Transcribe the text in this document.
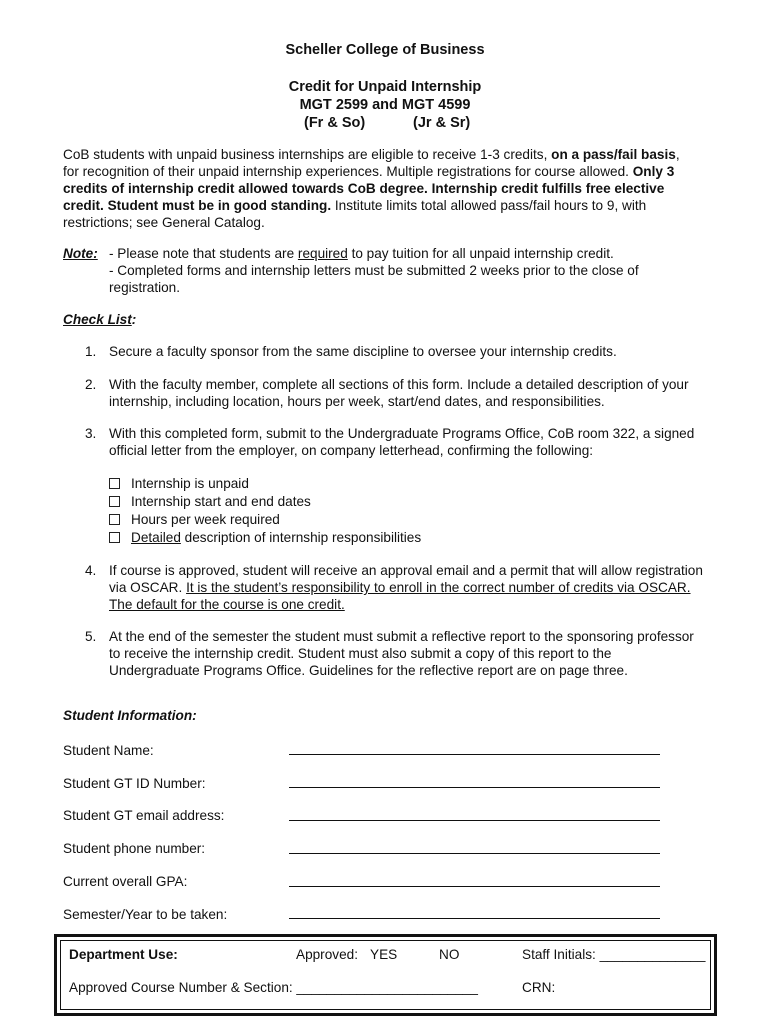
Scheller College of Business
Credit for Unpaid Internship
MGT 2599 and MGT 4599
(Fr & So)	(Jr & Sr)
CoB students with unpaid business internships are eligible to receive 1-3 credits, on a pass/fail basis,
for recognition of their unpaid internship experiences. Multiple registrations for course allowed. Only 3
credits of internship credit allowed towards CoB degree. Internship credit fulfills free elective
credit. Student must be in good standing. Institute limits total allowed pass/fail hours to 9, with
restrictions; see General Catalog.
Note: - Please note that students are required to pay tuition for all unpaid internship credit.
- Completed forms and internship letters must be submitted 2 weeks prior to the close of
registration.
Check List:
1. Secure a faculty sponsor from the same discipline to oversee your internship credits.
2. With the faculty member, complete all sections of this form. Include a detailed description of your
internship, including location, hours per week, start/end dates, and responsibilities.
3. With this completed form, submit to the Undergraduate Programs Office, CoB room 322, a signed
official letter from the employer, on company letterhead, confirming the following:
Internship is unpaid
Internship start and end dates
Hours per week required
Detailed description of internship responsibilities
4. If course is approved, student will receive an approval email and a permit that will allow registration
via OSCAR. It is the student’s responsibility to enroll in the correct number of credits via OSCAR.
The default for the course is one credit.
5. At the end of the semester the student must submit a reflective report to the sponsoring professor
to receive the internship credit. Student must also submit a copy of this report to the
Undergraduate Programs Office. Guidelines for the reflective report are on page three.
Student Information:
Student Name:
Student GT ID Number:
Student GT email address:
Student phone number:
Current overall GPA:
Semester/Year to be taken:
Department Use:	Approved: YES	NO	Staff Initials: ______________
Approved Course Number & Section: ________________________	CRN:
